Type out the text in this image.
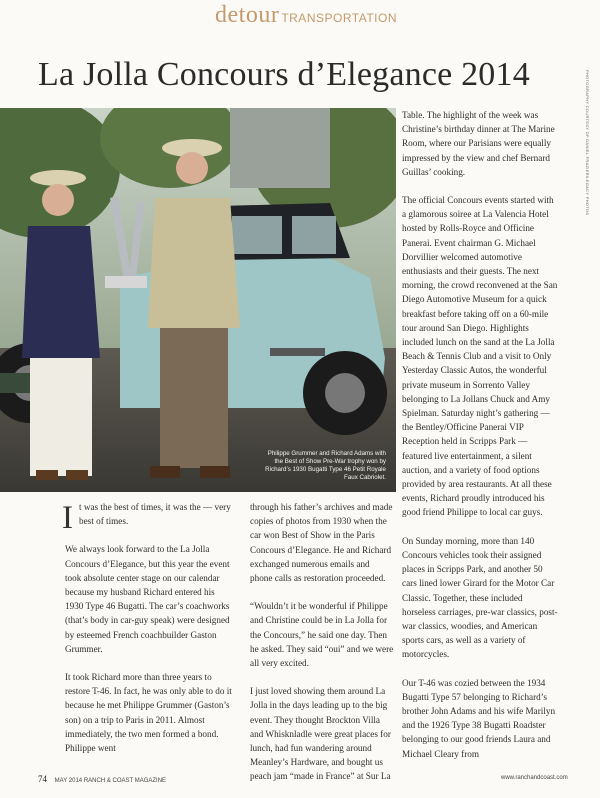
detour TRANSPORTATION
La Jolla Concours d’Elegance 2014	PHOTOGRAPHY COURTESY OF DANIEL FRAZIER/LEGACY PHOTOS
Philippe Grummer and Richard Adams with the Best of Show Pre-War trophy won by Richard’s 1930 Bugatti Type 46 Petit Royale Faux Cabriolet.

It was the best of times, it was the — very best of times.

We always look forward to the La Jolla Concours d’Elegance, but this year the event took absolute center stage on our calendar because my husband Richard entered his 1930 Type 46 Bugatti. The car’s coachworks (that’s body in car-guy speak) were designed by esteemed French coachbuilder Gaston Grummer.

It took Richard more than three years to restore T-46. In fact, he was only able to do it because he met Philippe Grummer (Gaston’s son) on a trip to Paris in 2011. Almost immediately, the two men formed a bond. Philippe went

through his father’s archives and made copies of photos from 1930 when the car won Best of Show in the Paris Concours d’Elegance. He and Richard exchanged numerous emails and phone calls as restoration proceeded.

“Wouldn’t it be wonderful if Philippe and Christine could be in La Jolla for the Concours,” he said one day. Then he asked. They said “oui” and we were all very excited.

I just loved showing them around La Jolla in the days leading up to the big event. They thought Brockton Villa and Whisknladle were great places for lunch, had fun wandering around Meanley’s Hardware, and bought us peach jam “made in France” at Sur La

Table. The highlight of the week was Christine’s birthday dinner at The Marine Room, where our Parisians were equally impressed by the view and chef Bernard Guillas’ cooking.

The official Concours events started with a glamorous soiree at La Valencia Hotel hosted by Rolls-Royce and Officine Panerai. Event chairman G. Michael Dorvillier welcomed automotive enthusiasts and their guests. The next morning, the crowd reconvened at the San Diego Automotive Museum for a quick breakfast before taking off on a 60-mile tour around San Diego. Highlights included lunch on the sand at the La Jolla Beach & Tennis Club and a visit to Only Yesterday Classic Autos, the wonderful private museum in Sorrento Valley belonging to La Jollans Chuck and Amy Spielman. Saturday night’s gathering — the Bentley/Officine Panerai VIP Reception held in Scripps Park — featured live entertainment, a silent auction, and a variety of food options provided by area restaurants. At all these events, Richard proudly introduced his good friend Philippe to local car guys.

On Sunday morning, more than 140 Concours vehicles took their assigned places in Scripps Park, and another 50 cars lined lower Girard for the Motor Car Classic. Together, these included horseless carriages, pre-war classics, post-war classics, woodies, and American sports cars, as well as a variety of motorcycles.

Our T-46 was cozied between the 1934 Bugatti Type 57 belonging to Richard’s brother John Adams and his wife Marilyn and the 1926 Type 38 Bugatti Roadster belonging to our good friends Laura and Michael Cleary from

74 MAY 2014 RANCH & COAST MAGAZINE	www.ranchandcoast.com
